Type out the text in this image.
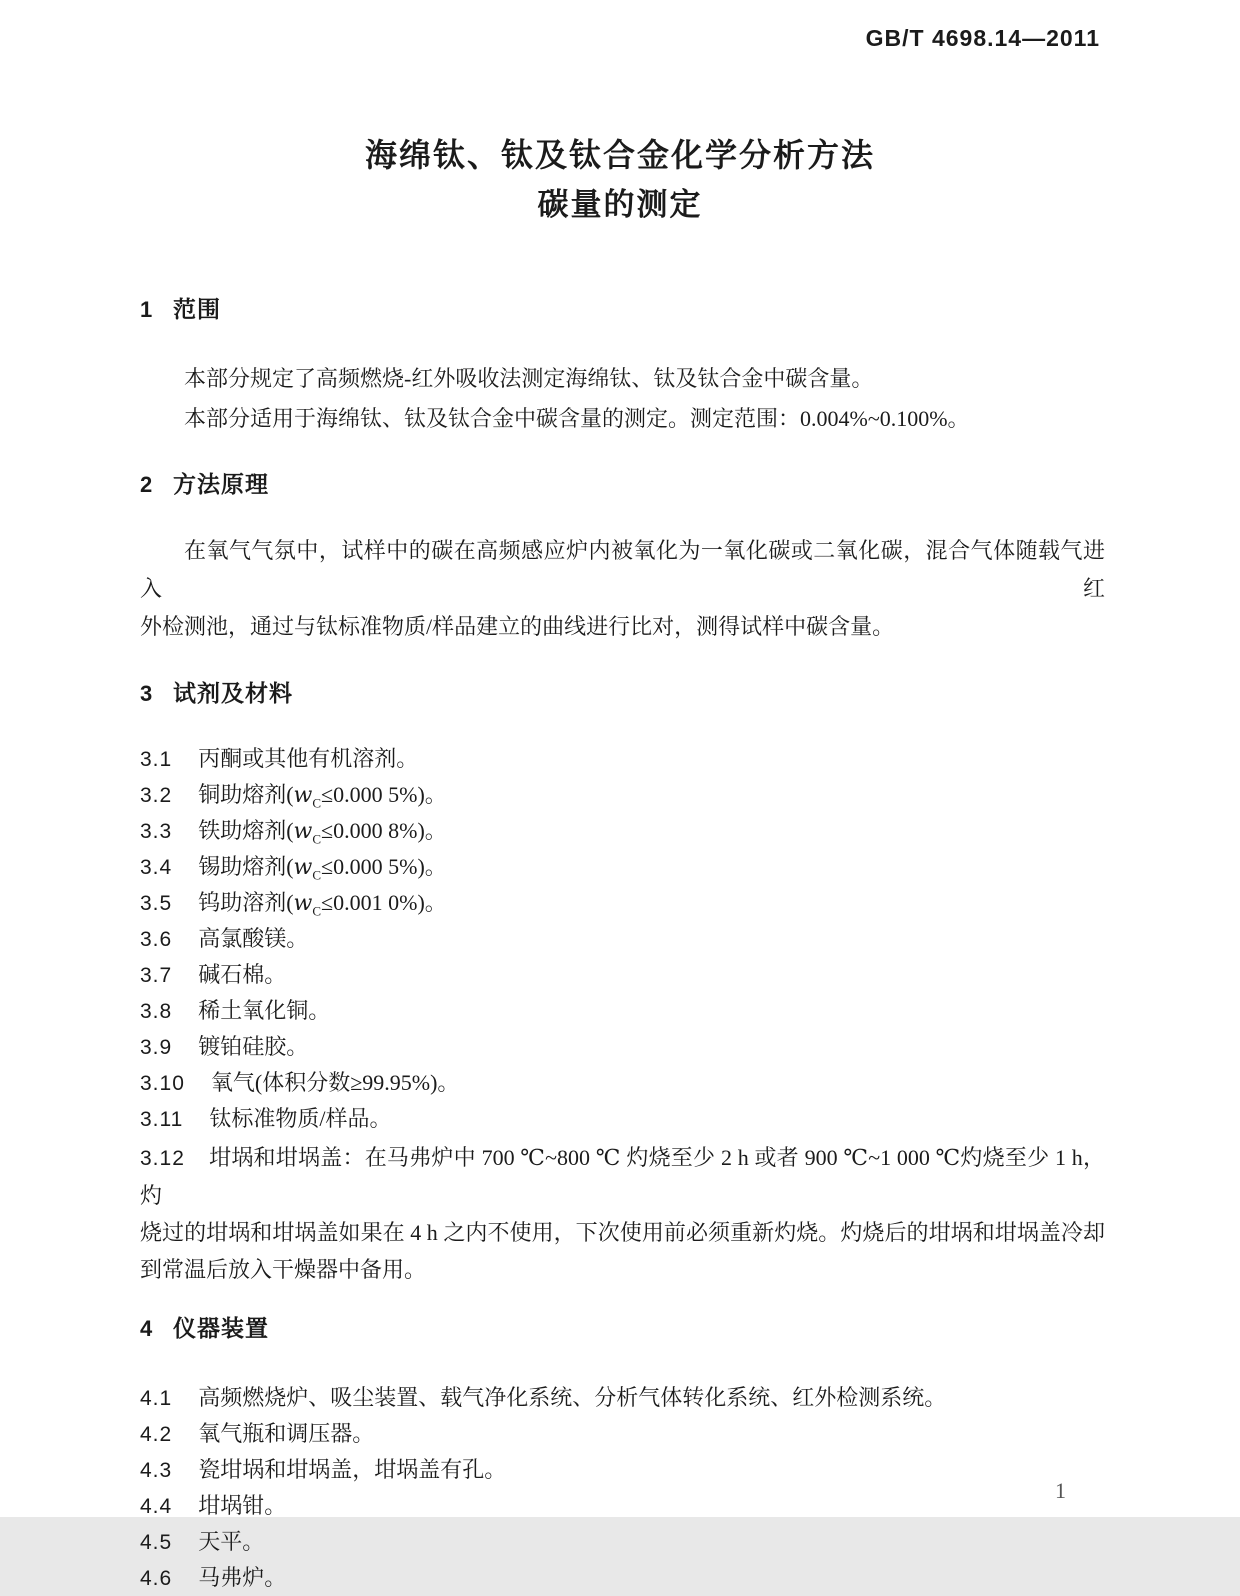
GB/T 4698.14—2011
海绵钛、钛及钛合金化学分析方法
碳量的测定
1 范围

本部分规定了高频燃烧-红外吸收法测定海绵钛、钛及钛合金中碳含量。

本部分适用于海绵钛、钛及钛合金中碳含量的测定。测定范围：0.004%~0.100%。

2 方法原理

在氧气气氛中，试样中的碳在高频感应炉内被氧化为一氧化碳或二氧化碳，混合气体随载气进入红

外检测池，通过与钛标准物质/样品建立的曲线进行比对，测得试样中碳含量。

3 试剂及材料
3.1 丙酮或其他有机溶剂。
3.2 铜助熔剂($w_C\le 0.000$ 5%)。
3.3 铁助熔剂($w_C\le 0.000$ 8%)。
3.4 锡助熔剂($w_C\le 0.000$ 5%)。
3.5 钨助溶剂($w_C\le 0.001$ 0%)。
3.6 高氯酸镁。
3.7 碱石棉。
3.8 稀土氧化铜。
3.9 镀铂硅胶。
3.10 氧气(体积分数≥99.95%)。
3.11 钛标准物质/样品。
3.12 坩埚和坩埚盖：在马弗炉中 700 ℃~800 ℃ 灼烧至少 2 h 或者 900 ℃~1 000 ℃灼烧至少 1 h，灼
烧过的坩埚和坩埚盖如果在 4 h 之内不使用，下次使用前必须重新灼烧。灼烧后的坩埚和坩埚盖冷却
到常温后放入干燥器中备用。
4 仪器装置
4.1 高频燃烧炉、吸尘装置、载气净化系统、分析气体转化系统、红外检测系统。
4.2 氧气瓶和调压器。
4.3 瓷坩埚和坩埚盖，坩埚盖有孔。
4.4 坩埚钳。
4.5 天平。
4.6 马弗炉。
1
